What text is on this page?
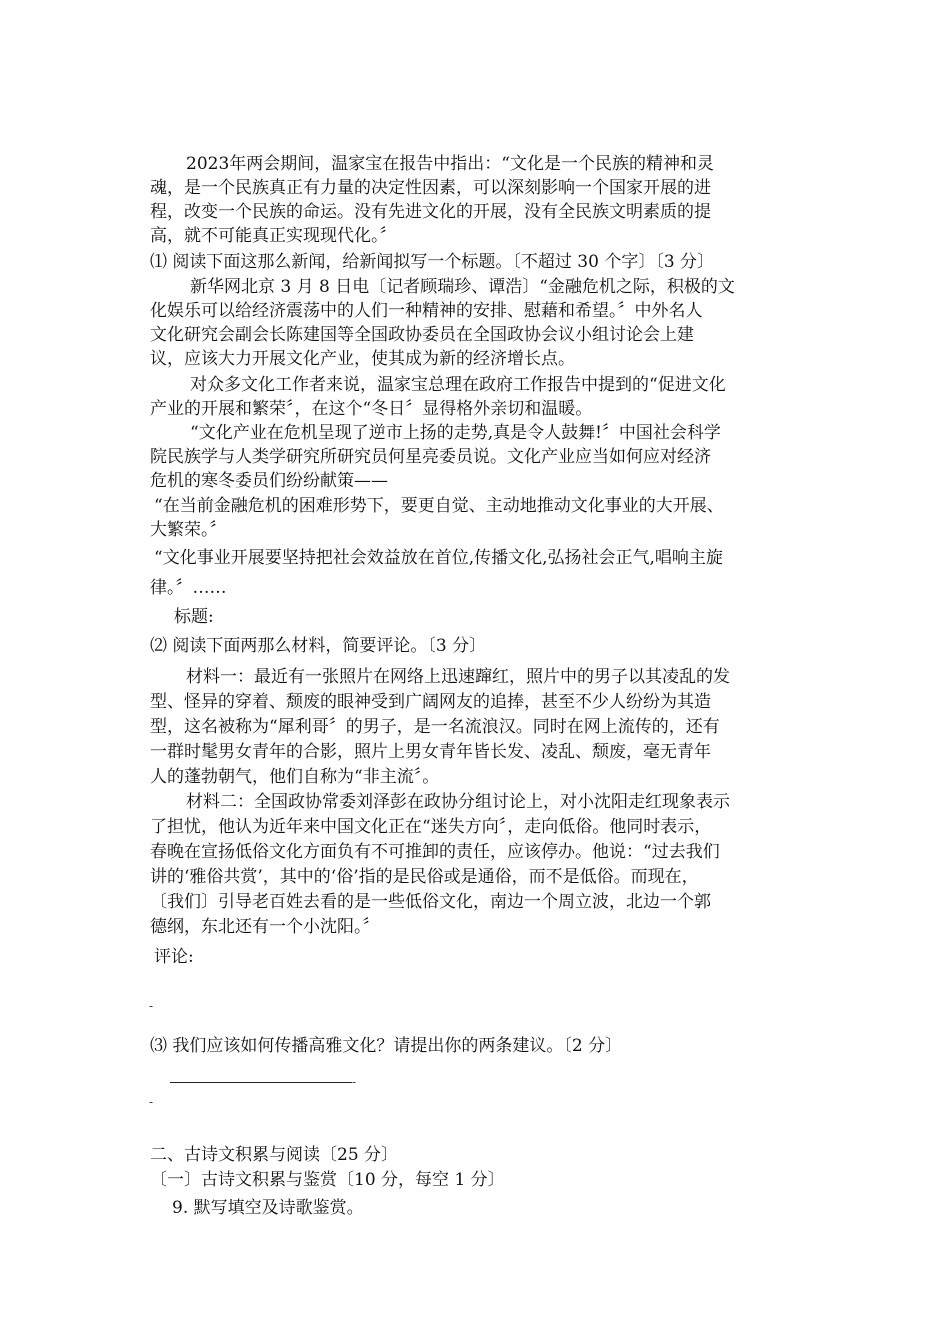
2023年两会期间，温家宝在报告中指出：“文化是一个民族的精神和灵
魂，是一个民族真正有力量的决定性因素，可以深刻影响一个国家开展的进
程，改变一个民族的命运。没有先进文化的开展，没有全民族文明素质的提
高，就不可能真正实现现代化。〞
⑴ 阅读下面这那么新闻，给新闻拟写一个标题。〔不超过 30 个字〕〔3 分〕
新华网北京 3 月 8 日电〔记者顾瑞珍、谭浩〕“金融危机之际，积极的文
化娱乐可以给经济震荡中的人们一种精神的安排、慰藉和希望。〞中外名人
文化研究会副会长陈建国等全国政协委员在全国政协会议小组讨论会上建
议，应该大力开展文化产业，使其成为新的经济增长点。
对众多文化工作者来说，温家宝总理在政府工作报告中提到的“促进文化
产业的开展和繁荣〞，在这个“冬日〞显得格外亲切和温暖。
“文化产业在危机呈现了逆市上扬的走势,真是令人鼓舞!〞中国社会科学
院民族学与人类学研究所研究员何星亮委员说。文化产业应当如何应对经济
危机的寒冬委员们纷纷献策——
“在当前金融危机的困难形势下，要更自觉、主动地推动文化事业的大开展、
大繁荣。〞
“文化事业开展要坚持把社会效益放在首位,传播文化,弘扬社会正气,唱响主旋
律。〞……
标题:
⑵ 阅读下面两那么材料，简要评论。〔3 分〕
材料一：最近有一张照片在网络上迅速蹿红，照片中的男子以其凌乱的发
型、怪异的穿着、颓废的眼神受到广阔网友的追捧，甚至不少人纷纷为其造
型，这名被称为“犀利哥〞的男子，是一名流浪汉。同时在网上流传的，还有
一群时髦男女青年的合影，照片上男女青年皆长发、凌乱、颓废，毫无青年
人的蓬勃朝气，他们自称为“非主流〞。
材料二：全国政协常委刘泽彭在政协分组讨论上，对小沈阳走红现象表示
了担忧，他认为近年来中国文化正在“迷失方向〞，走向低俗。他同时表示，
春晚在宣扬低俗文化方面负有不可推卸的责任，应该停办。他说：“过去我们
讲的‘雅俗共赏’，其中的‘俗’指的是民俗或是通俗，而不是低俗。而现在，
〔我们〕引导老百姓去看的是一些低俗文化，南边一个周立波，北边一个郭
德纲，东北还有一个小沈阳。〞
评论:
-
⑶ 我们应该如何传播高雅文化？请提出你的两条建议。〔2 分〕
-
-
二、古诗文积累与阅读〔25 分〕
〔一〕古诗文积累与鉴赏〔10 分，每空 1 分〕
9. 默写填空及诗歌鉴赏。
